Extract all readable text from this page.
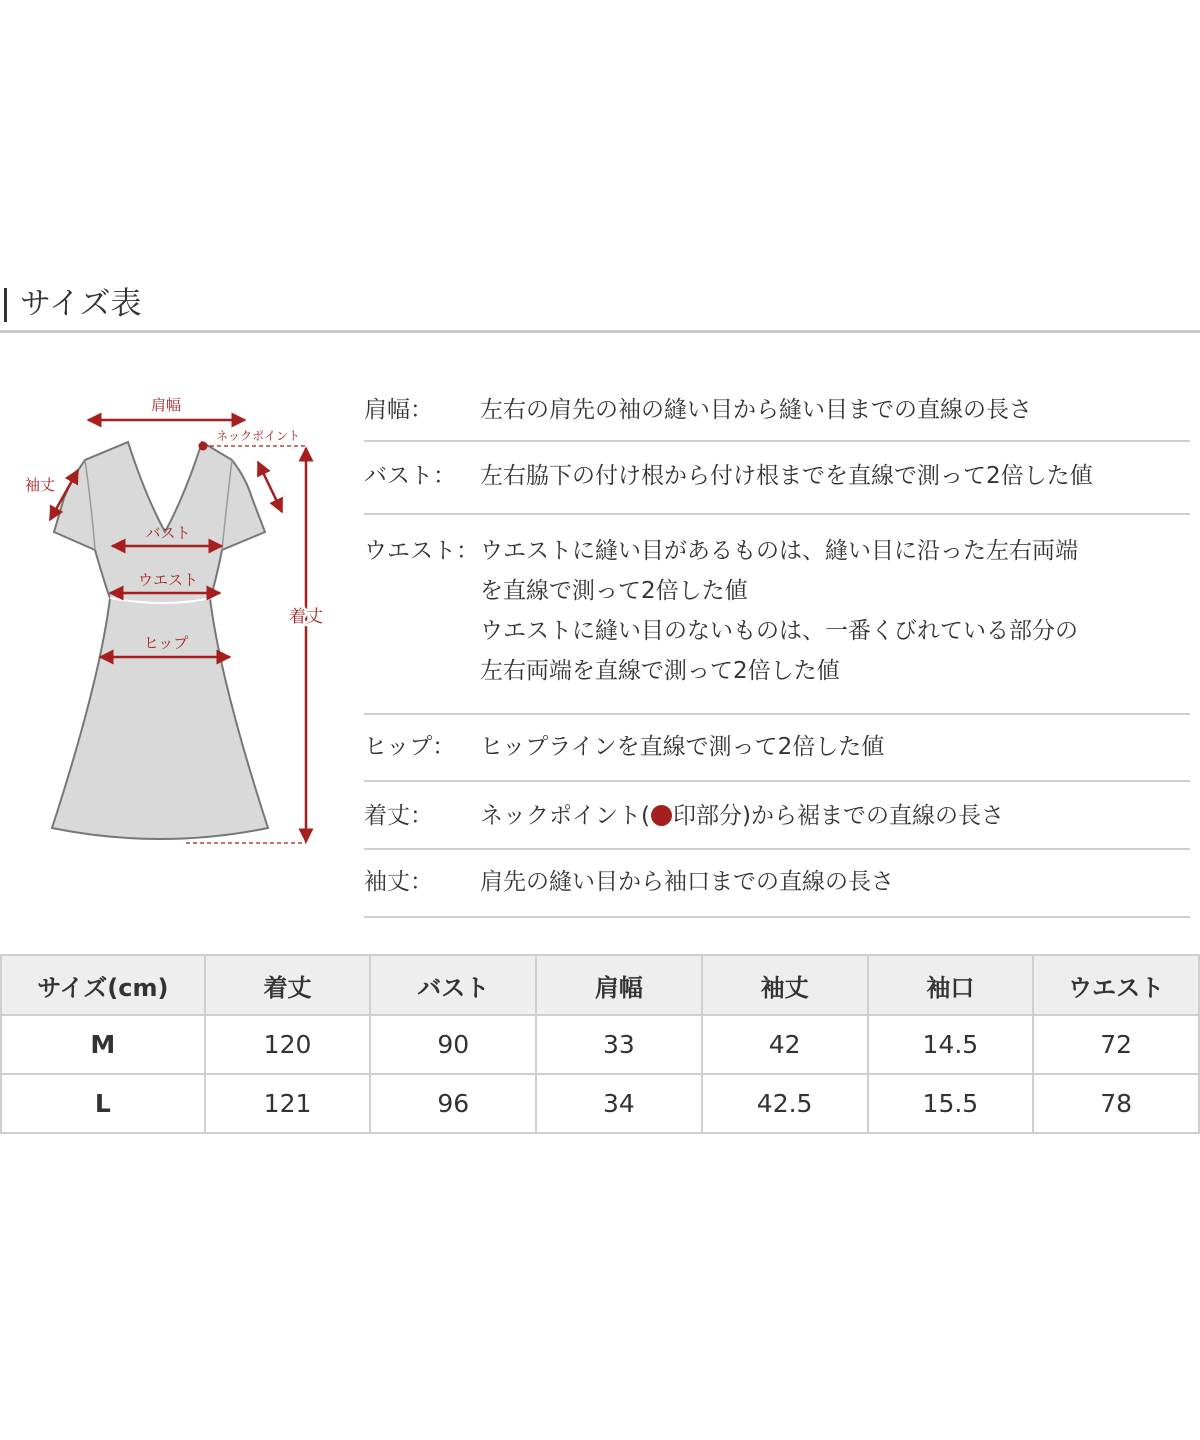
サイズ表
肩幅
ネックポイント
袖丈
バスト
ウエスト
ヒップ
着丈
肩幅： 左右の肩先の袖の縫い目から縫い目までの直線の長さ
バスト： 左右脇下の付け根から付け根までを直線で測って2倍した値
ウエスト： ウエストに縫い目があるものは、縫い目に沿った左右両端
を直線で測って2倍した値
ウエストに縫い目のないものは、一番くびれている部分の
左右両端を直線で測って2倍した値
ヒップ： ヒップラインを直線で測って2倍した値
着丈： ネックポイント( 印部分)から裾までの直線の長さ
袖丈： 肩先の縫い目から袖口までの直線の長さ
サイズ(cm)	着丈	バスト	肩幅	袖丈	袖口	ウエスト
M	120	90	33	42	14.5	72
L	121	96	34	42.5	15.5	78
